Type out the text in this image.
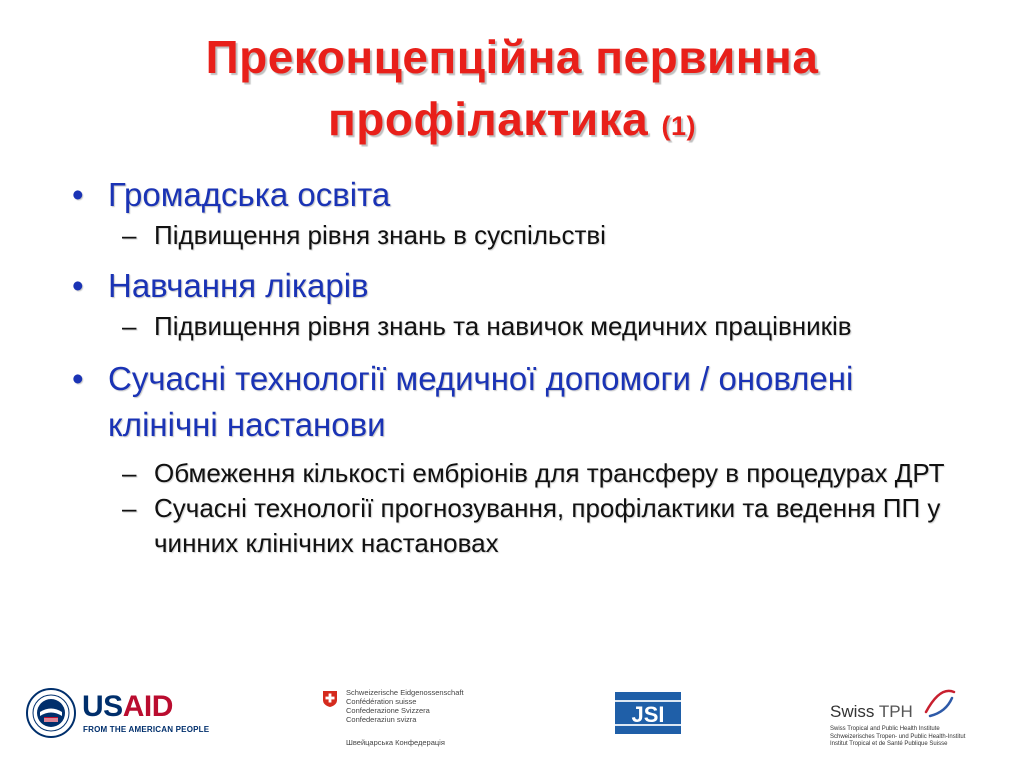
Преконцепційна первинна
профілактика (1)

• Громадська освіта

– Підвищення рівня знань в суспільстві

• Навчання лікарів

– Підвищення рівня знань та навичок медичних працівників

• Сучасні технології медичної допомоги / оновлені клінічні настанови

– Обмеження кількості ембріонів для трансферу в процедурах ДРТ

– Сучасні технології прогнозування, профілактики та ведення ПП у чинних клінічних настановах

USAID
FROM THE AMERICAN PEOPLE
Schweizerische Eidgenossenschaft
Confédération suisse
Confederazione Svizzera
Confederaziun svizra
Швейцарська Конфедерація
JSI	Swiss TPH
Swiss Tropical and Public Health Institute
Schweizerisches Tropen- und Public Health-Institut
Institut Tropical et de Santé Publique Suisse
